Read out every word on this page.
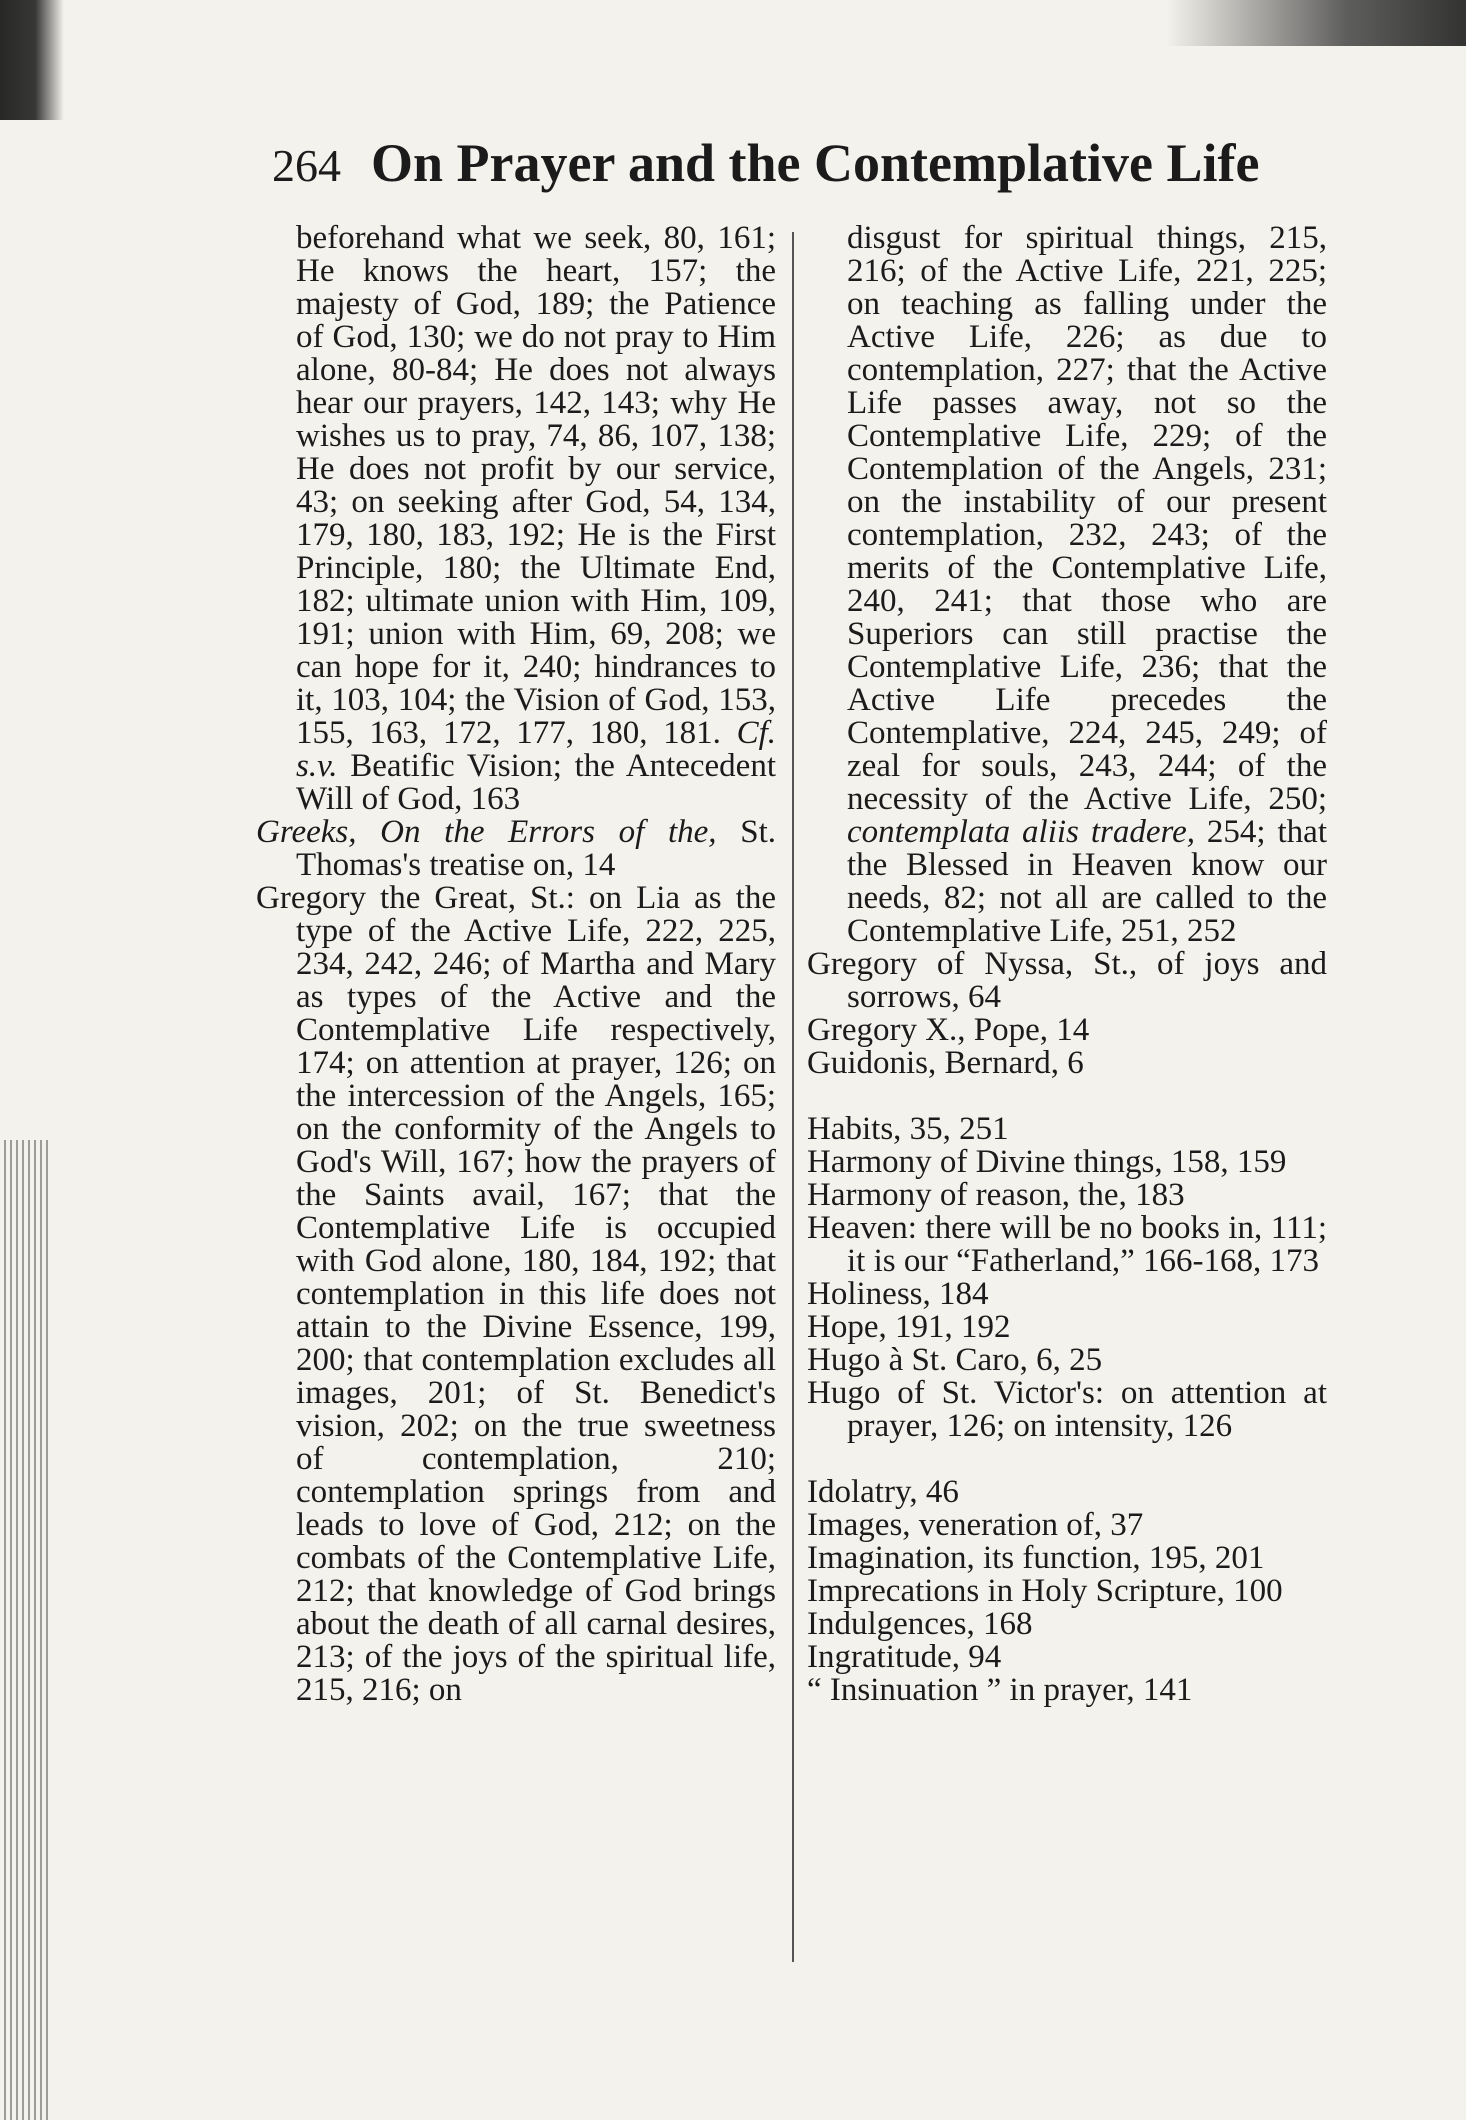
264 On Prayer and the Contemplative Life

beforehand what we seek, 80, 161; He knows the heart, 157; the majesty of God, 189; the Patience of God, 130; we do not pray to Him alone, 80-84; He does not always hear our prayers, 142, 143; why He wishes us to pray, 74, 86, 107, 138; He does not profit by our service, 43; on seeking after God, 54, 134, 179, 180, 183, 192; He is the First Principle, 180; the Ultimate End, 182; ultimate union with Him, 109, 191; union with Him, 69, 208; we can hope for it, 240; hindrances to it, 103, 104; the Vision of God, 153, 155, 163, 172, 177, 180, 181. Cf. s.v. Beatific Vision; the Antecedent Will of God, 163

Greeks, On the Errors of the, St. Thomas's treatise on, 14

Gregory the Great, St.: on Lia as the type of the Active Life, 222, 225, 234, 242, 246; of Martha and Mary as types of the Active and the Contemplative Life respectively, 174; on attention at prayer, 126; on the intercession of the Angels, 165; on the conformity of the Angels to God's Will, 167; how the prayers of the Saints avail, 167; that the Contemplative Life is occupied with God alone, 180, 184, 192; that contemplation in this life does not attain to the Divine Essence, 199, 200; that contemplation excludes all images, 201; of St. Benedict's vision, 202; on the true sweetness of contemplation, 210; contemplation springs from and leads to love of God, 212; on the combats of the Contemplative Life, 212; that knowledge of God brings about the death of all carnal desires, 213; of the joys of the spiritual life, 215, 216; on

disgust for spiritual things, 215, 216; of the Active Life, 221, 225; on teaching as falling under the Active Life, 226; as due to contemplation, 227; that the Active Life passes away, not so the Contemplative Life, 229; of the Contemplation of the Angels, 231; on the instability of our present contemplation, 232, 243; of the merits of the Contemplative Life, 240, 241; that those who are Superiors can still practise the Contemplative Life, 236; that the Active Life precedes the Contemplative, 224, 245, 249; of zeal for souls, 243, 244; of the necessity of the Active Life, 250; contemplata aliis tradere, 254; that the Blessed in Heaven know our needs, 82; not all are called to the Contemplative Life, 251, 252

Gregory of Nyssa, St., of joys and sorrows, 64

Gregory X., Pope, 14

Guidonis, Bernard, 6

Habits, 35, 251

Harmony of Divine things, 158, 159

Harmony of reason, the, 183

Heaven: there will be no books in, 111; it is our “Fatherland,” 166-168, 173

Holiness, 184

Hope, 191, 192

Hugo à St. Caro, 6, 25

Hugo of St. Victor's: on attention at prayer, 126; on intensity, 126

Idolatry, 46

Images, veneration of, 37

Imagination, its function, 195, 201

Imprecations in Holy Scripture, 100

Indulgences, 168

Ingratitude, 94

“ Insinuation ” in prayer, 141
